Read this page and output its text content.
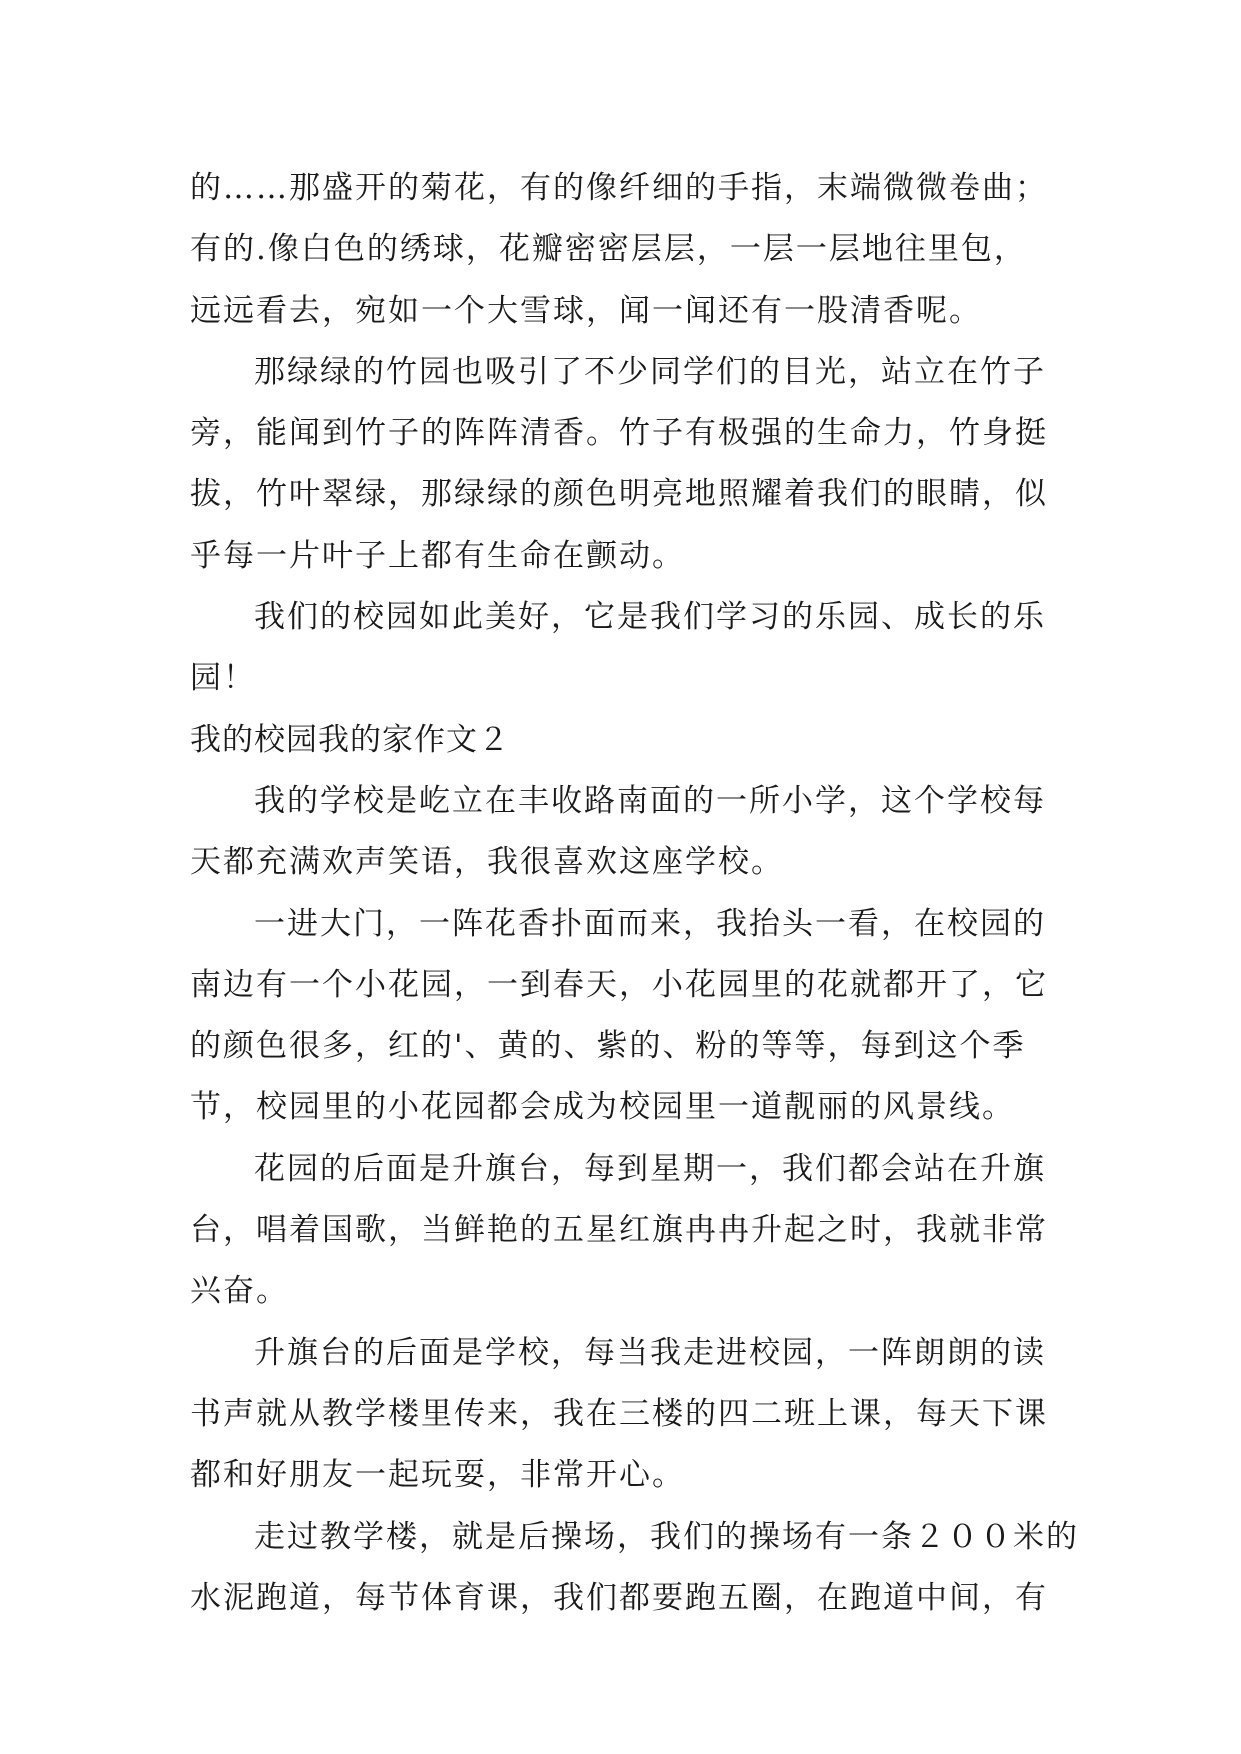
的……那盛开的菊花，有的像纤细的手指，末端微微卷曲；
有的.像白色的绣球，花瓣密密层层，一层一层地往里包，
远远看去，宛如一个大雪球，闻一闻还有一股清香呢。
那绿绿的竹园也吸引了不少同学们的目光，站立在竹子
旁，能闻到竹子的阵阵清香。竹子有极强的生命力，竹身挺
拔，竹叶翠绿，那绿绿的颜色明亮地照耀着我们的眼睛，似
乎每一片叶子上都有生命在颤动。
我们的校园如此美好，它是我们学习的乐园、成长的乐
园！
我的校园我的家作文２
我的学校是屹立在丰收路南面的一所小学，这个学校每
天都充满欢声笑语，我很喜欢这座学校。
一进大门，一阵花香扑面而来，我抬头一看，在校园的
南边有一个小花园，一到春天，小花园里的花就都开了，它
的颜色很多，红的'、黄的、紫的、粉的等等，每到这个季
节，校园里的小花园都会成为校园里一道靓丽的风景线。
花园的后面是升旗台，每到星期一，我们都会站在升旗
台，唱着国歌，当鲜艳的五星红旗冉冉升起之时，我就非常
兴奋。
升旗台的后面是学校，每当我走进校园，一阵朗朗的读
书声就从教学楼里传来，我在三楼的四二班上课，每天下课
都和好朋友一起玩耍，非常开心。
走过教学楼，就是后操场，我们的操场有一条２００米的
水泥跑道，每节体育课，我们都要跑五圈，在跑道中间，有
